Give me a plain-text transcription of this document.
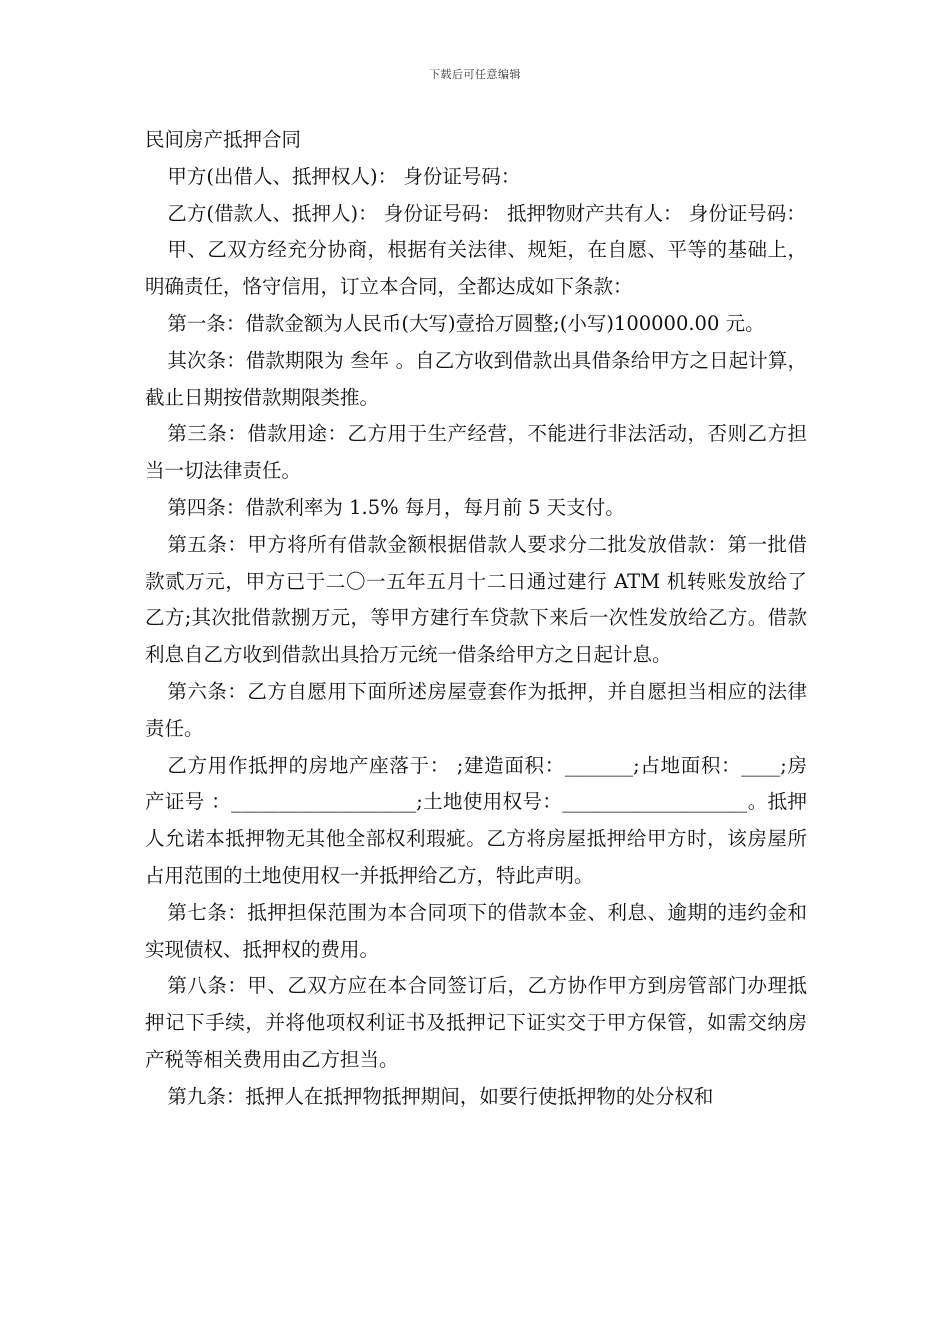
下载后可任意编辑

民间房产抵押合同

甲方(出借人、抵押权人)： 身份证号码：

乙方(借款人、抵押人)： 身份证号码： 抵押物财产共有人： 身份证号码：

甲、乙双方经充分协商，根据有关法律、规矩，在自愿、平等的基础上，明确责任，恪守信用，订立本合同，全都达成如下条款：

第一条：借款金额为人民币(大写)壹拾万圆整;(小写)100000.00 元。

其次条：借款期限为 叁年 。自乙方收到借款出具借条给甲方之日起计算，截止日期按借款期限类推。

第三条：借款用途：乙方用于生产经营，不能进行非法活动，否则乙方担当一切法律责任。

第四条：借款利率为 1.5% 每月，每月前 5 天支付。

第五条：甲方将所有借款金额根据借款人要求分二批发放借款：第一批借款贰万元，甲方已于二〇一五年五月十二日通过建行 ATM 机转账发放给了乙方;其次批借款捌万元，等甲方建行车贷款下来后一次性发放给乙方。借款利息自乙方收到借款出具拾万元统一借条给甲方之日起计息。

第六条：乙方自愿用下面所述房屋壹套作为抵押，并自愿担当相应的法律责任。

乙方用作抵押的房地产座落于： ;建造面积：_______;占地面积：____;房产证号 ：___________________;土地使用权号：___________________。抵押人允诺本抵押物无其他全部权利瑕疵。乙方将房屋抵押给甲方时，该房屋所占用范围的土地使用权一并抵押给乙方，特此声明。

第七条：抵押担保范围为本合同项下的借款本金、利息、逾期的违约金和实现债权、抵押权的费用。

第八条：甲、乙双方应在本合同签订后，乙方协作甲方到房管部门办理抵押记下手续，并将他项权利证书及抵押记下证实交于甲方保管，如需交纳房产税等相关费用由乙方担当。

第九条：抵押人在抵押物抵押期间，如要行使抵押物的处分权和
